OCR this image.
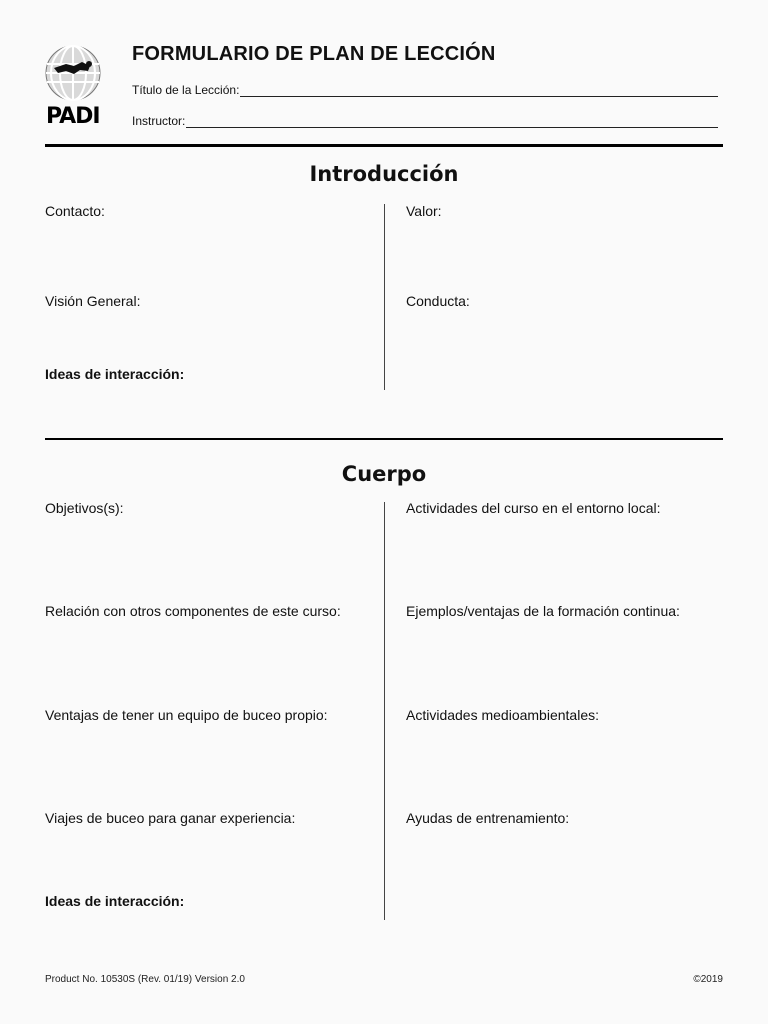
PADI
FORMULARIO DE PLAN DE LECCIÓN
Título de la Lección:
Instructor:
Introducción
Contacto:
Visión General:
Ideas de interacción:
Valor:
Conducta:
Cuerpo
Objetivos(s):
Relación con otros componentes de este curso:
Ventajas de tener un equipo de buceo propio:
Viajes de buceo para ganar experiencia:
Ideas de interacción:
Actividades del curso en el entorno local:
Ejemplos/ventajas de la formación continua:
Actividades medioambientales:
Ayudas de entrenamiento:
Product No. 10530S (Rev. 01/19) Version 2.0	©2019
